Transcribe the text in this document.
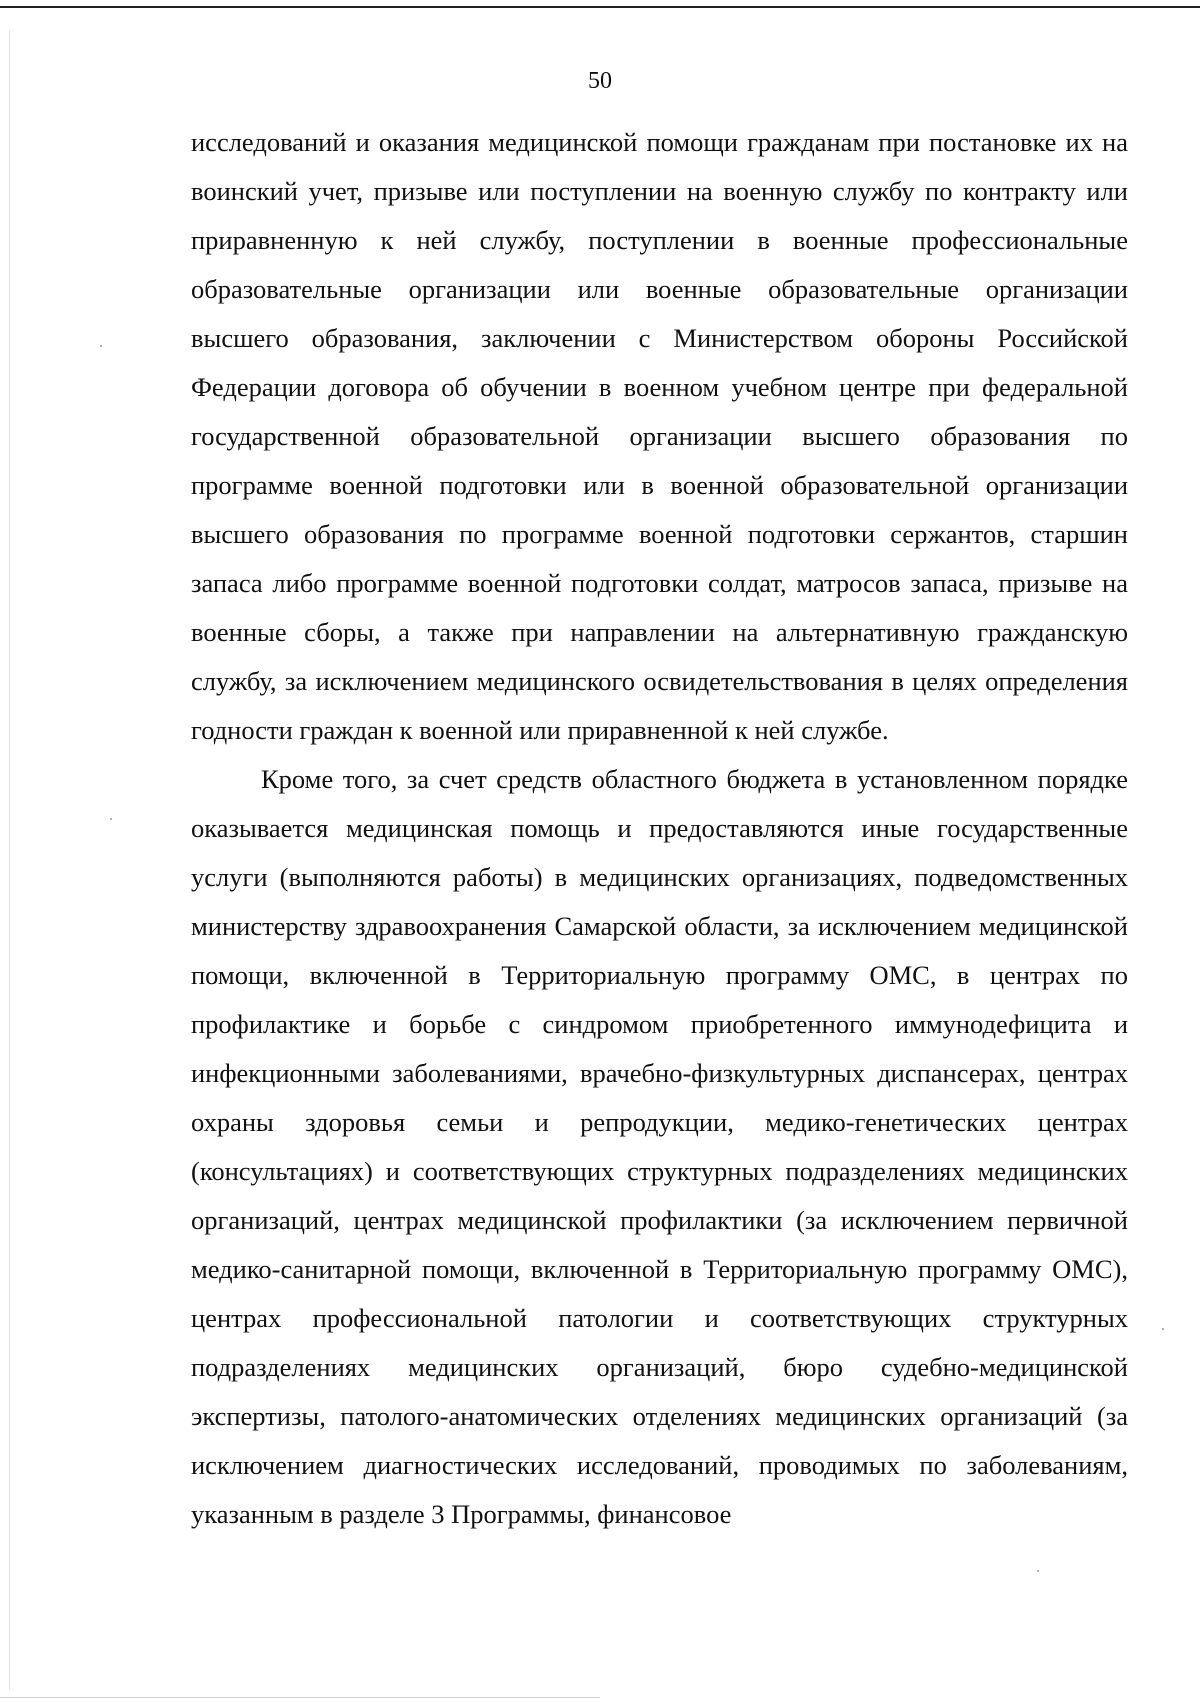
50

исследований и оказания медицинской помощи гражданам при постановке их на воинский учет, призыве или поступлении на военную службу по контракту или приравненную к ней службу, поступлении в военные профессиональные образовательные организации или военные образовательные организации высшего образования, заключении с Министерством обороны Российской Федерации договора об обучении в военном учебном центре при федеральной государственной образовательной организации высшего образования по программе военной подготовки или в военной образовательной организации высшего образования по программе военной подготовки сержантов, старшин запаса либо программе военной подготовки солдат, матросов запаса, призыве на военные сборы, а также при направлении на альтернативную гражданскую службу, за исключением медицинского освидетельствования в целях определения годности граждан к военной или приравненной к ней службе.

Кроме того, за счет средств областного бюджета в установленном порядке оказывается медицинская помощь и предоставляются иные государственные услуги (выполняются работы) в медицинских организациях, подведомственных министерству здравоохранения Самарской области, за исключением медицинской помощи, включенной в Территориальную программу ОМС, в центрах по профилактике и борьбе с синдромом приобретенного иммунодефицита и инфекционными заболеваниями, врачебно-физкультурных диспансерах, центрах охраны здоровья семьи и репродукции, медико-генетических центрах (консультациях) и соответствующих структурных подразделениях медицинских организаций, центрах медицинской профилактики (за исключением первичной медико-санитарной помощи, включенной в Территориальную программу ОМС), центрах профессиональной патологии и соответствующих структурных подразделениях медицинских организаций, бюро судебно-медицинской экспертизы, патолого-анатомических отделениях медицинских организаций (за исключением диагностических исследований, проводимых по заболеваниям, указанным в разделе 3 Программы, финансовое
